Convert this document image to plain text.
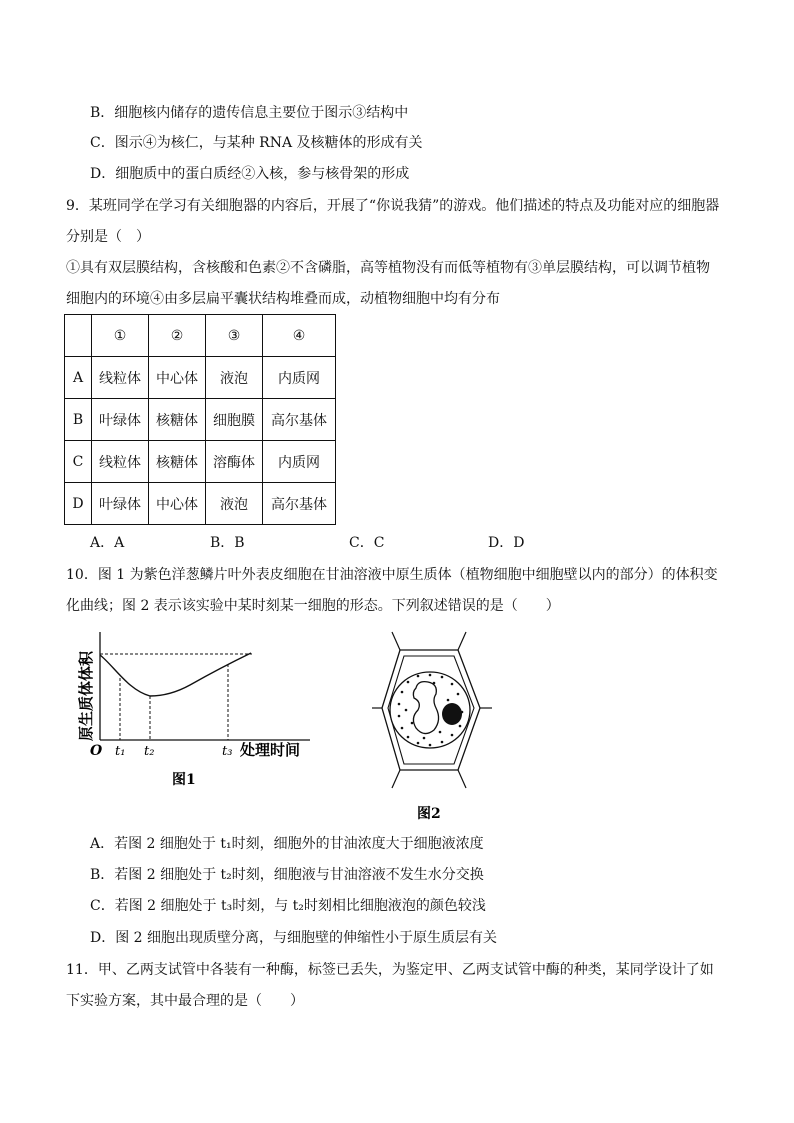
B．细胞核内储存的遗传信息主要位于图示③结构中
C．图示④为核仁，与某种 RNA 及核糖体的形成有关
D．细胞质中的蛋白质经②入核，参与核骨架的形成
9．某班同学在学习有关细胞器的内容后，开展了“你说我猜”的游戏。他们描述的特点及功能对应的细胞器
分别是（　）
①具有双层膜结构，含核酸和色素②不含磷脂，高等植物没有而低等植物有③单层膜结构，可以调节植物
细胞内的环境④由多层扁平囊状结构堆叠而成，动植物细胞中均有分布
	①	②	③	④
A	线粒体	中心体	液泡	内质网
B	叶绿体	核糖体	细胞膜	高尔基体
C	线粒体	核糖体	溶酶体	内质网
D	叶绿体	中心体	液泡	高尔基体
A．A	B．B	C．C	D．D
10．图 1 为紫色洋葱鳞片叶外表皮细胞在甘油溶液中原生质体（植物细胞中细胞壁以内的部分）的体积变
化曲线；图 2 表示该实验中某时刻某一细胞的形态。下列叙述错误的是（　　）
原生质体体积
O t₁ t₂	t₃ 处理时间
图1
图2
A．若图 2 细胞处于 t₁时刻，细胞外的甘油浓度大于细胞液浓度
B．若图 2 细胞处于 t₂时刻，细胞液与甘油溶液不发生水分交换
C．若图 2 细胞处于 t₃时刻，与 t₂时刻相比细胞液泡的颜色较浅
D．图 2 细胞出现质壁分离，与细胞壁的伸缩性小于原生质层有关
11．甲、乙两支试管中各装有一种酶，标签已丢失，为鉴定甲、乙两支试管中酶的种类，某同学设计了如
下实验方案，其中最合理的是（　　）
